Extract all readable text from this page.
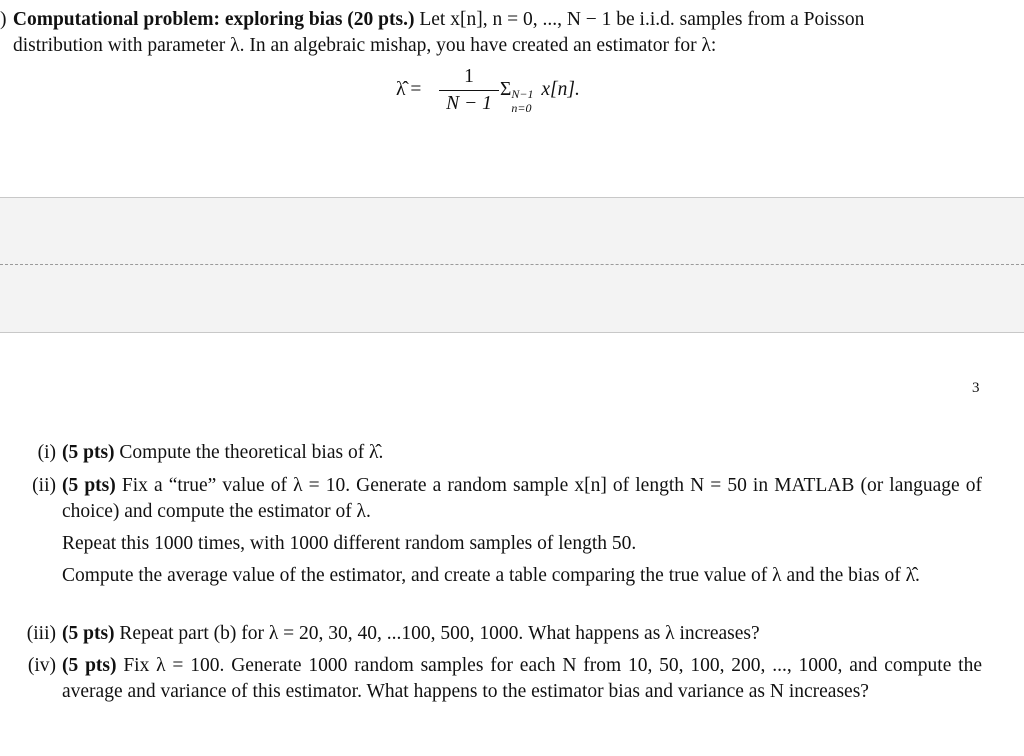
) Computational problem: exploring bias (20 pts.) Let x[n], n = 0, ..., N − 1 be i.i.d. samples from a Poisson
distribution with parameter λ. In an algebraic mishap, you have created an estimator for λ:
λ̂ =
1
N − 1
Σ N−1
n=0
x[n].
3
(i) (5 pts) Compute the theoretical bias of λ̂.
(ii) (5 pts) Fix a “true” value of λ = 10. Generate a random sample x[n] of length N = 50 in MATLAB (or language of choice) and compute the estimator of λ.
Repeat this 1000 times, with 1000 different random samples of length 50.
Compute the average value of the estimator, and create a table comparing the true value of λ and the bias of λ̂.
(iii) (5 pts) Repeat part (b) for λ = 20, 30, 40, ...100, 500, 1000. What happens as λ increases?
(iv) (5 pts) Fix λ = 100. Generate 1000 random samples for each N from 10, 50, 100, 200, ..., 1000, and compute the average and variance of this estimator. What happens to the estimator bias and variance as N increases?
